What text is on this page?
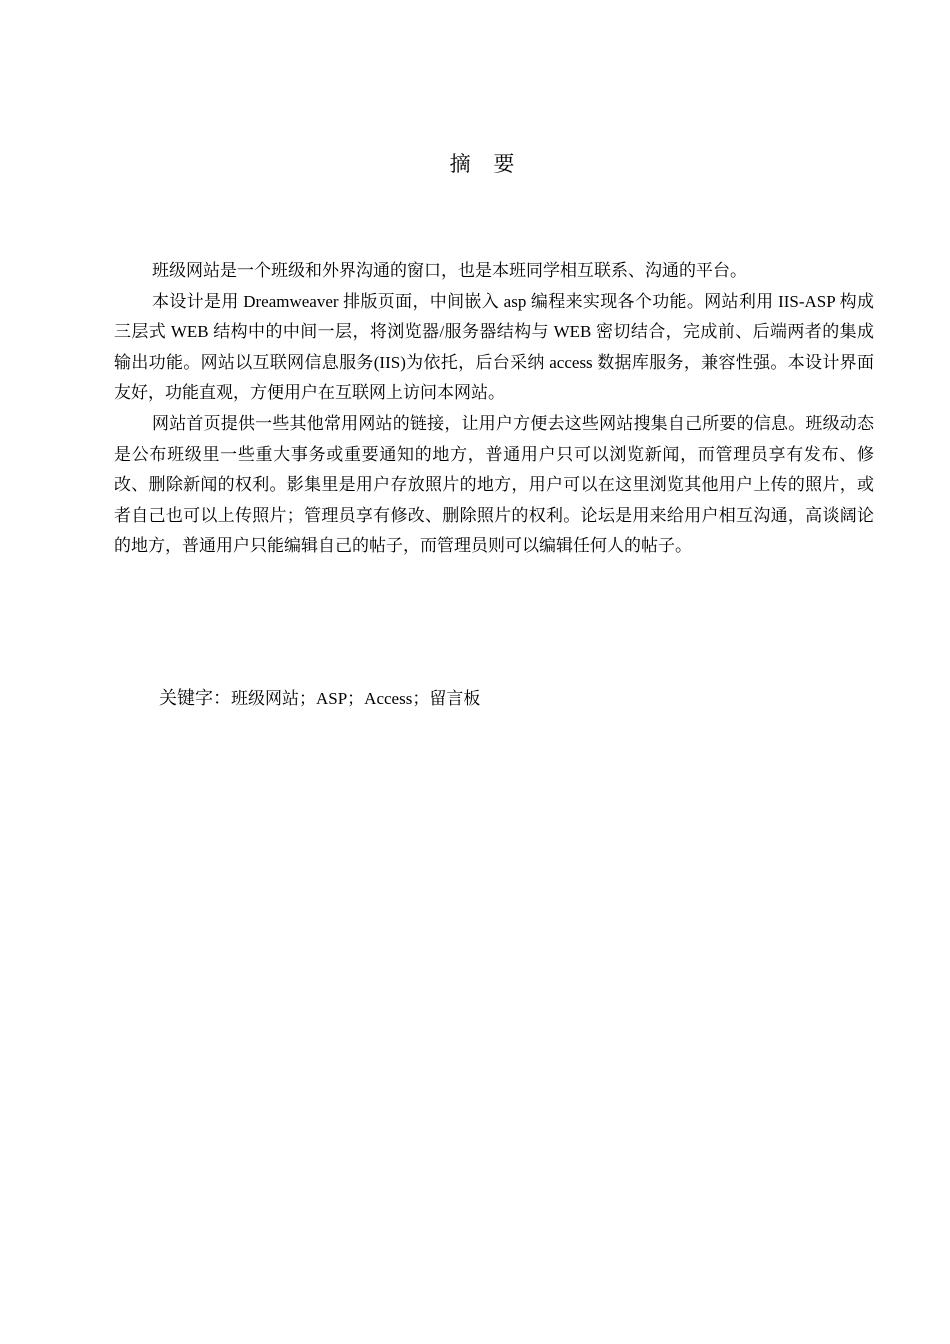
摘 要

班级网站是一个班级和外界沟通的窗口，也是本班同学相互联系、沟通的平台。

本设计是用 Dreamweaver 排版页面，中间嵌入 asp 编程来实现各个功能。网站利用 IIS-ASP 构成三层式 WEB 结构中的中间一层，将浏览器/服务器结构与 WEB 密切结合，完成前、后端两者的集成输出功能。网站以互联网信息服务(IIS)为依托，后台采纳 access 数据库服务，兼容性强。本设计界面友好，功能直观，方便用户在互联网上访问本网站。

网站首页提供一些其他常用网站的链接，让用户方便去这些网站搜集自己所要的信息。班级动态是公布班级里一些重大事务或重要通知的地方，普通用户只可以浏览新闻，而管理员享有发布、修改、删除新闻的权利。影集里是用户存放照片的地方，用户可以在这里浏览其他用户上传的照片，或者自己也可以上传照片；管理员享有修改、删除照片的权利。论坛是用来给用户相互沟通，高谈阔论的地方，普通用户只能编辑自己的帖子，而管理员则可以编辑任何人的帖子。

关键字：班级网站；ASP；Access；留言板
